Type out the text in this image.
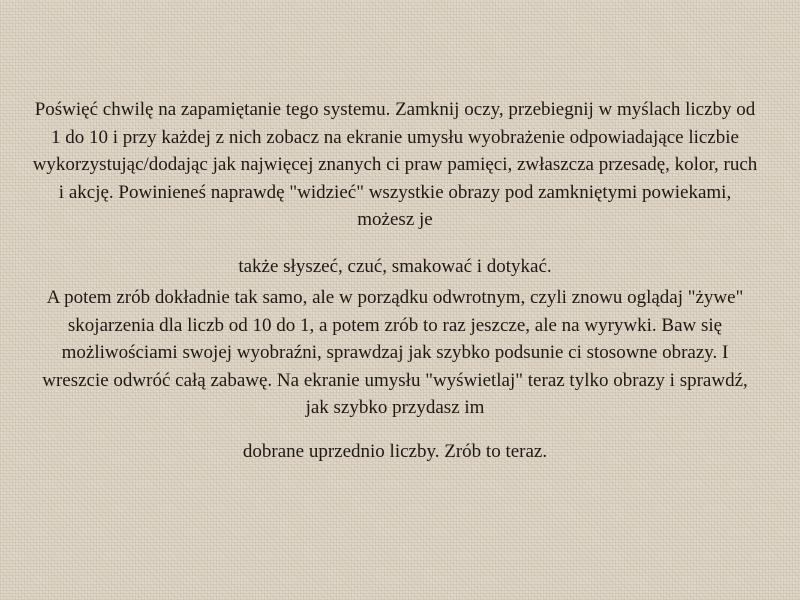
Poświęć chwilę na zapamiętanie tego systemu. Zamknij oczy, przebiegnij w myślach liczby od 1 do 10 i przy każdej z nich zobacz na ekranie umysłu wyobrażenie odpowiadające liczbie wykorzystując/dodając jak najwięcej znanych ci praw pamięci, zwłaszcza przesadę, kolor, ruch i akcję. Powinieneś naprawdę "widzieć" wszystkie obrazy pod zamkniętymi powiekami, możesz je

także słyszeć, czuć, smakować i dotykać.

A potem zrób dokładnie tak samo, ale w porządku odwrotnym, czyli znowu oglądaj "żywe" skojarzenia dla liczb od 10 do 1, a potem zrób to raz jeszcze, ale na wyrywki. Baw się możliwościami swojej wyobraźni, sprawdzaj jak szybko podsunie ci stosowne obrazy. I wreszcie odwróć całą zabawę. Na ekranie umysłu "wyświetlaj" teraz tylko obrazy i sprawdź, jak szybko przydasz im

dobrane uprzednio liczby. Zrób to teraz.
